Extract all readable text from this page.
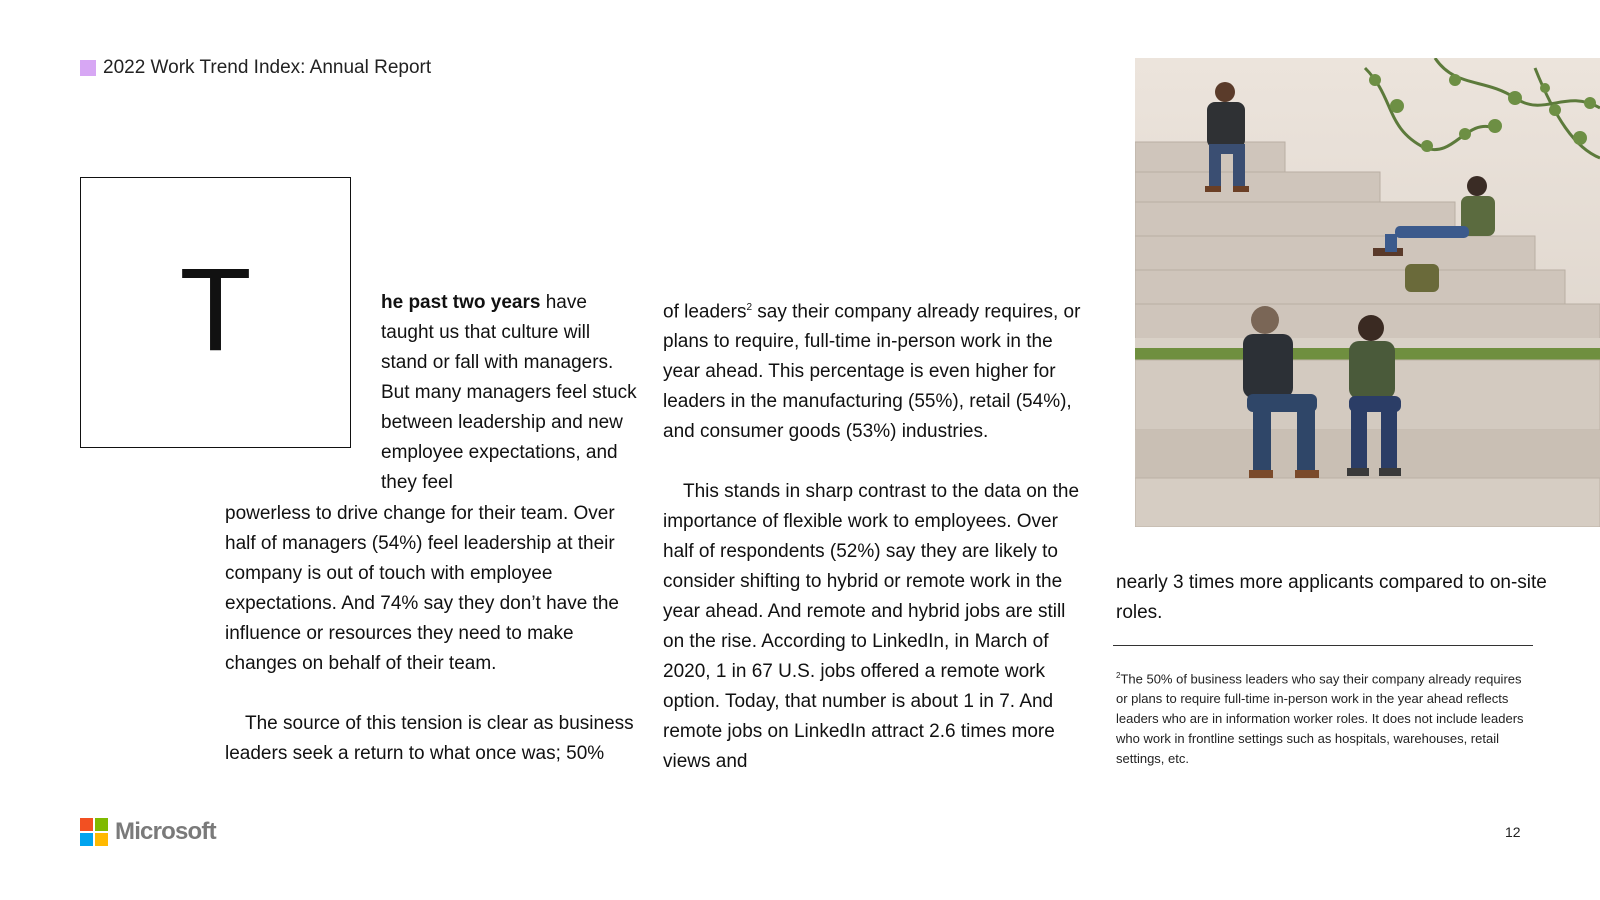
2022 Work Trend Index: Annual Report
T	he past two years have taught us that culture will stand or fall with managers. But many managers feel stuck between leadership and new employee expectations, and they feel

powerless to drive change for their team. Over half of managers (54%) feel leadership at their company is out of touch with employee expectations. And 74% say they don’t have the influence or resources they need to make changes on behalf of their team.

The source of this tension is clear as business leaders seek a return to what once was; 50%

of leaders$^2$ say their company already requires, or plans to require, full-time in-person work in the year ahead. This percentage is even higher for leaders in the manufacturing (55%), retail (54%), and consumer goods (53%) industries.

This stands in sharp contrast to the data on the importance of flexible work to employees. Over half of respondents (52%) say they are likely to consider shifting to hybrid or remote work in the year ahead. And remote and hybrid jobs are still on the rise. According to LinkedIn, in March of 2020, 1 in 67 U.S. jobs offered a remote work option. Today, that number is about 1 in 7. And remote jobs on LinkedIn attract 2.6 times more views and

nearly 3 times more applicants compared to on-site roles.
$^2$The 50% of business leaders who say their company already requires or plans to require full-time in-person work in the year ahead reflects leaders who are in information worker roles. It does not include leaders who work in frontline settings such as hospitals, warehouses, retail settings, etc.
Microsoft	12
